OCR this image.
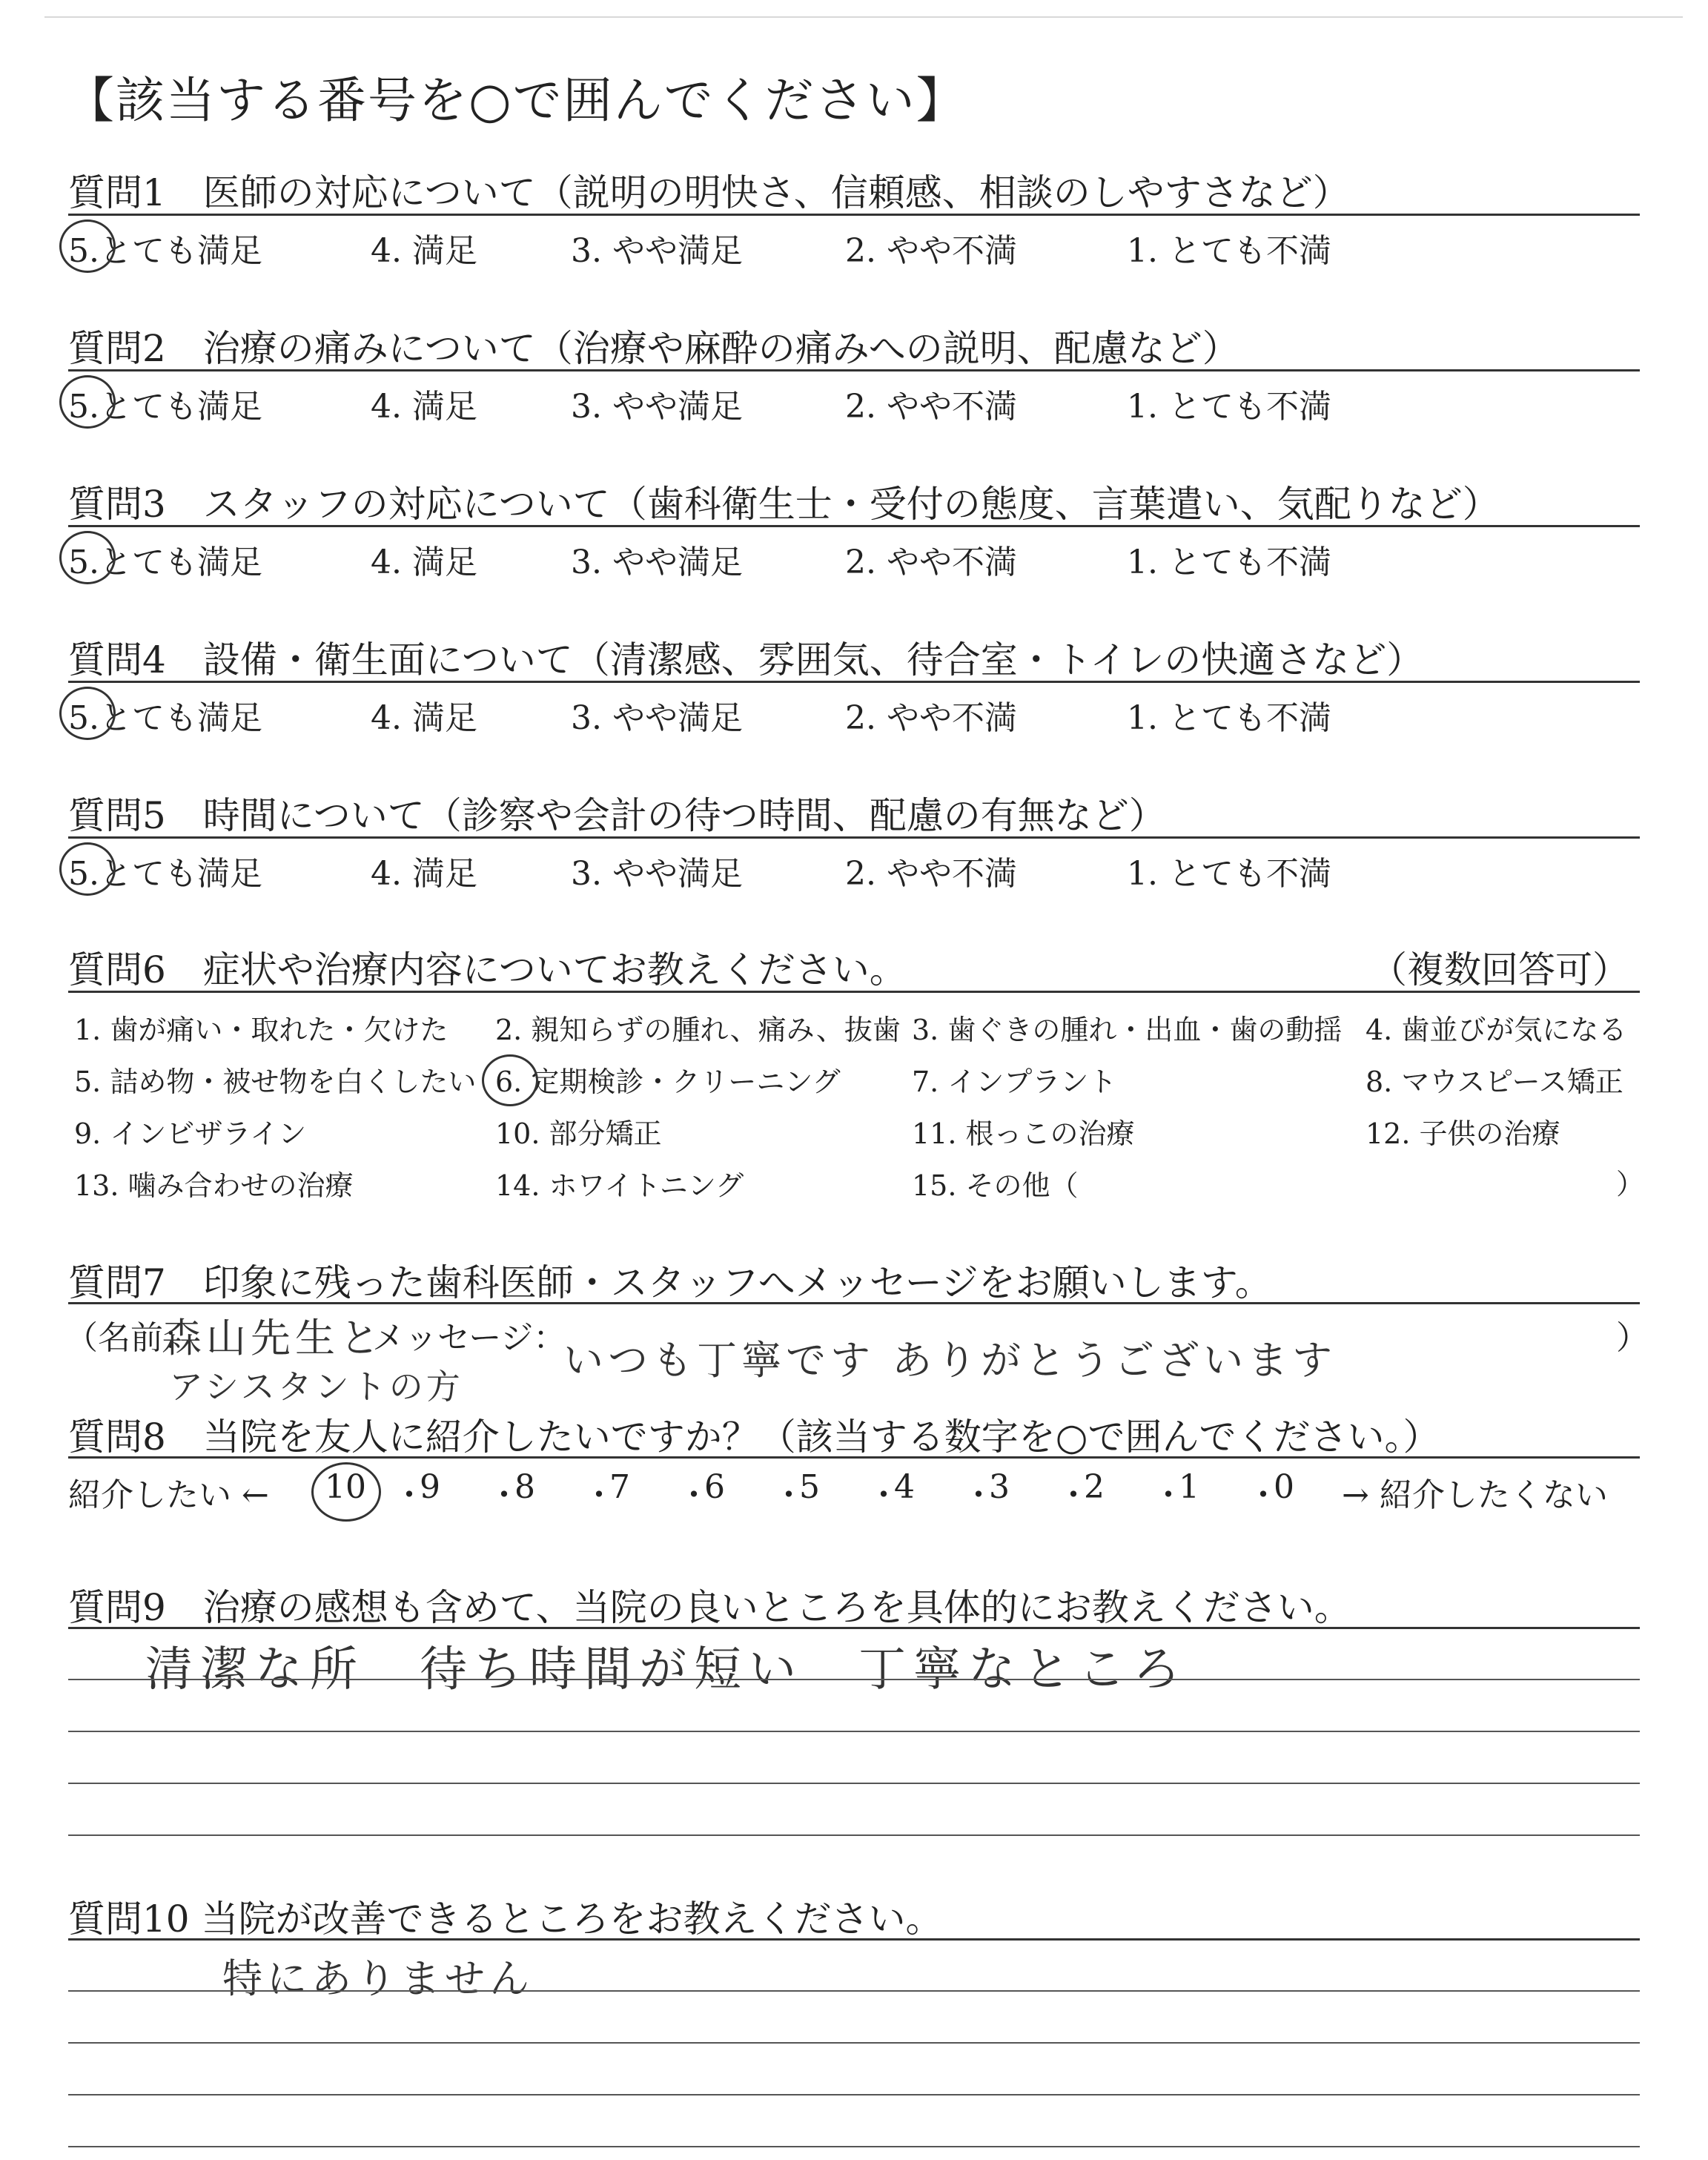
【該当する番号を○で囲んでください】
質問1　医師の対応について（説明の明快さ、信頼感、相談のしやすさなど）
5.とても満足	4. 満足	3. やや満足	2. やや不満	1. とても不満
質問2　治療の痛みについて（治療や麻酔の痛みへの説明、配慮など）
5.とても満足	4. 満足	3. やや満足	2. やや不満	1. とても不満
質問3　スタッフの対応について（歯科衛生士・受付の態度、言葉遣い、気配りなど）
5.とても満足	4. 満足	3. やや満足	2. やや不満	1. とても不満
質問4　設備・衛生面について（清潔感、雰囲気、待合室・トイレの快適さなど）
5.とても満足	4. 満足	3. やや満足	2. やや不満	1. とても不満
質問5　時間について（診察や会計の待つ時間、配慮の有無など）
5.とても満足	4. 満足	3. やや満足	2. やや不満	1. とても不満
質問6　症状や治療内容についてお教えください。	（複数回答可）
1. 歯が痛い・取れた・欠けた 2. 親知らずの腫れ、痛み、抜歯 3. 歯ぐきの腫れ・出血・歯の動揺 4. 歯並びが気になる
5. 詰め物・被せ物を白くしたい 6. 定期検診・クリーニング	7. インプラント	8. マウスピース矯正
9. インビザライン	10. 部分矯正	11. 根っこの治療	12. 子供の治療
13. 噛み合わせの治療	14. ホワイトニング	15. その他（	）
質問7　印象に残った歯科医師・スタッフへメッセージをお願いします。
（名前：
森山先生と
アシスタントの方
メッセージ：
いつも丁寧です ありがとうございます	）
質問8　当院を友人に紹介したいですか？（該当する数字を○で囲んでください。）
紹介したい ← 10 ・
9 ・
8 ・
7 ・
6 ・
5 ・
4 ・
3 ・
2 ・
1 ・
0 → 紹介したくない
質問9　治療の感想も含めて、当院の良いところを具体的にお教えください。
清潔な所　待ち時間が短い　丁寧なところ
質問10 当院が改善できるところをお教えください。
特にありません
